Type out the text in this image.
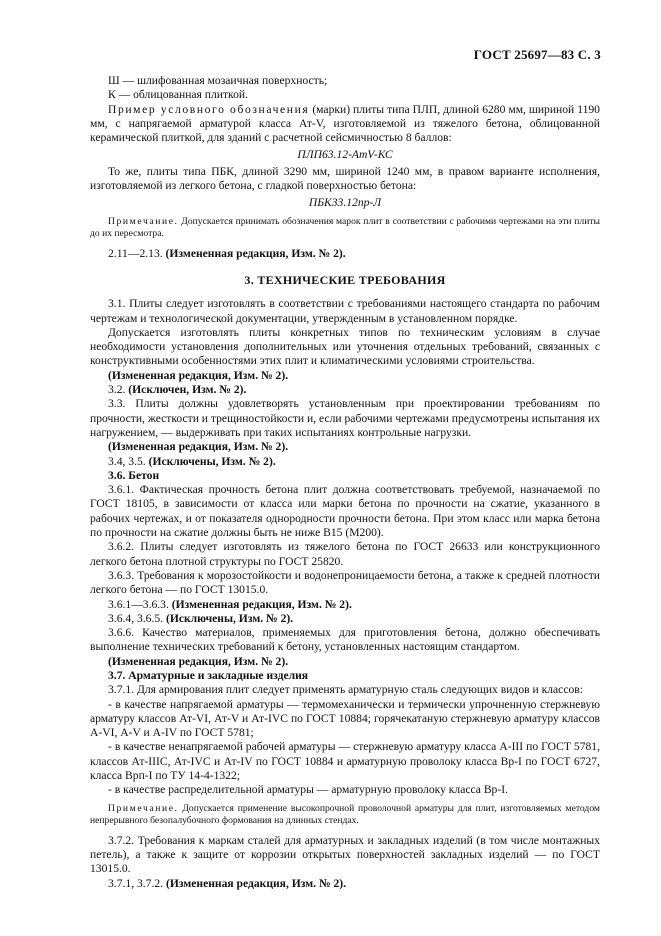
ГОСТ 25697—83 С. 3

Ш — шлифованная мозаичная поверхность;

К — облицованная плиткой.

Пример условного обозначения (марки) плиты типа ПЛП, длиной 6280 мм, шириной 1190 мм, с напрягаемой арматурой класса Ат-V, изготовляемой из тяжелого бетона, облицованной керамической плиткой, для зданий с расчетной сейсмичностью 8 баллов:

ПЛП63.12-АтV-КС

То же, плиты типа ПБК, длиной 3290 мм, шириной 1240 мм, в правом варианте исполнения, изготовляемой из легкого бетона, с гладкой поверхностью бетона:

ПБК33.12пр-Л

Примечание. Допускается принимать обозначения марок плит в соответствии с рабочими чертежами на эти плиты до их пересмотра.

2.11—2.13. (Измененная редакция, Изм. № 2).

3. ТЕХНИЧЕСКИЕ ТРЕБОВАНИЯ

3.1. Плиты следует изготовлять в соответствии с требованиями настоящего стандарта по рабочим чертежам и технологической документации, утвержденным в установленном порядке.

Допускается изготовлять плиты конкретных типов по техническим условиям в случае необходимости установления дополнительных или уточнения отдельных требований, связанных с конструктивными особенностями этих плит и климатическими условиями строительства.

(Измененная редакция, Изм. № 2).

3.2. (Исключен, Изм. № 2).

3.3. Плиты должны удовлетворять установленным при проектировании требованиям по прочности, жесткости и трещиностойкости и, если рабочими чертежами предусмотрены испытания их нагружением, — выдерживать при таких испытаниях контрольные нагрузки.

(Измененная редакция, Изм. № 2).

3.4, 3.5. (Исключены, Изм. № 2).

3.6. Бетон

3.6.1. Фактическая прочность бетона плит должна соответствовать требуемой, назначаемой по ГОСТ 18105, в зависимости от класса или марки бетона по прочности на сжатие, указанного в рабочих чертежах, и от показателя однородности прочности бетона. При этом класс или марка бетона по прочности на сжатие должны быть не ниже В15 (М200).

3.6.2. Плиты следует изготовлять из тяжелого бетона по ГОСТ 26633 или конструкционного легкого бетона плотной структуры по ГОСТ 25820.

3.6.3. Требования к морозостойкости и водонепроницаемости бетона, а также к средней плотности легкого бетона — по ГОСТ 13015.0.

3.6.1—3.6.3. (Измененная редакция, Изм. № 2).

3.6.4, 3.6.5. (Исключены, Изм. № 2).

3.6.6. Качество материалов, применяемых для приготовления бетона, должно обеспечивать выполнение технических требований к бетону, установленных настоящим стандартом.

(Измененная редакция, Изм. № 2).

3.7. Арматурные и закладные изделия

3.7.1. Для армирования плит следует применять арматурную сталь следующих видов и классов:

- в качестве напрягаемой арматуры — термомеханически и термически упрочненную стержневую арматуру классов Ат-VI, Ат-V и Ат-IVC по ГОСТ 10884; горячекатаную стержневую арматуру классов А-VI, А-V и А-IV по ГОСТ 5781;

- в качестве ненапрягаемой рабочей арматуры — стержневую арматуру класса А-III по ГОСТ 5781, классов Ат-IIIС, Ат-IVС и Ат-IV по ГОСТ 10884 и арматурную проволоку класса Вр-I по ГОСТ 6727, класса Врп-I по ТУ 14-4-1322;

- в качестве распределительной арматуры — арматурную проволоку класса Вр-I.

Примечание. Допускается применение высокопрочной проволочной арматуры для плит, изготовляемых методом непрерывного безопалубочного формования на длинных стендах.

3.7.2. Требования к маркам сталей для арматурных и закладных изделий (в том числе монтажных петель), а также к защите от коррозии открытых поверхностей закладных изделий — по ГОСТ 13015.0.

3.7.1, 3.7.2. (Измененная редакция, Изм. № 2).
